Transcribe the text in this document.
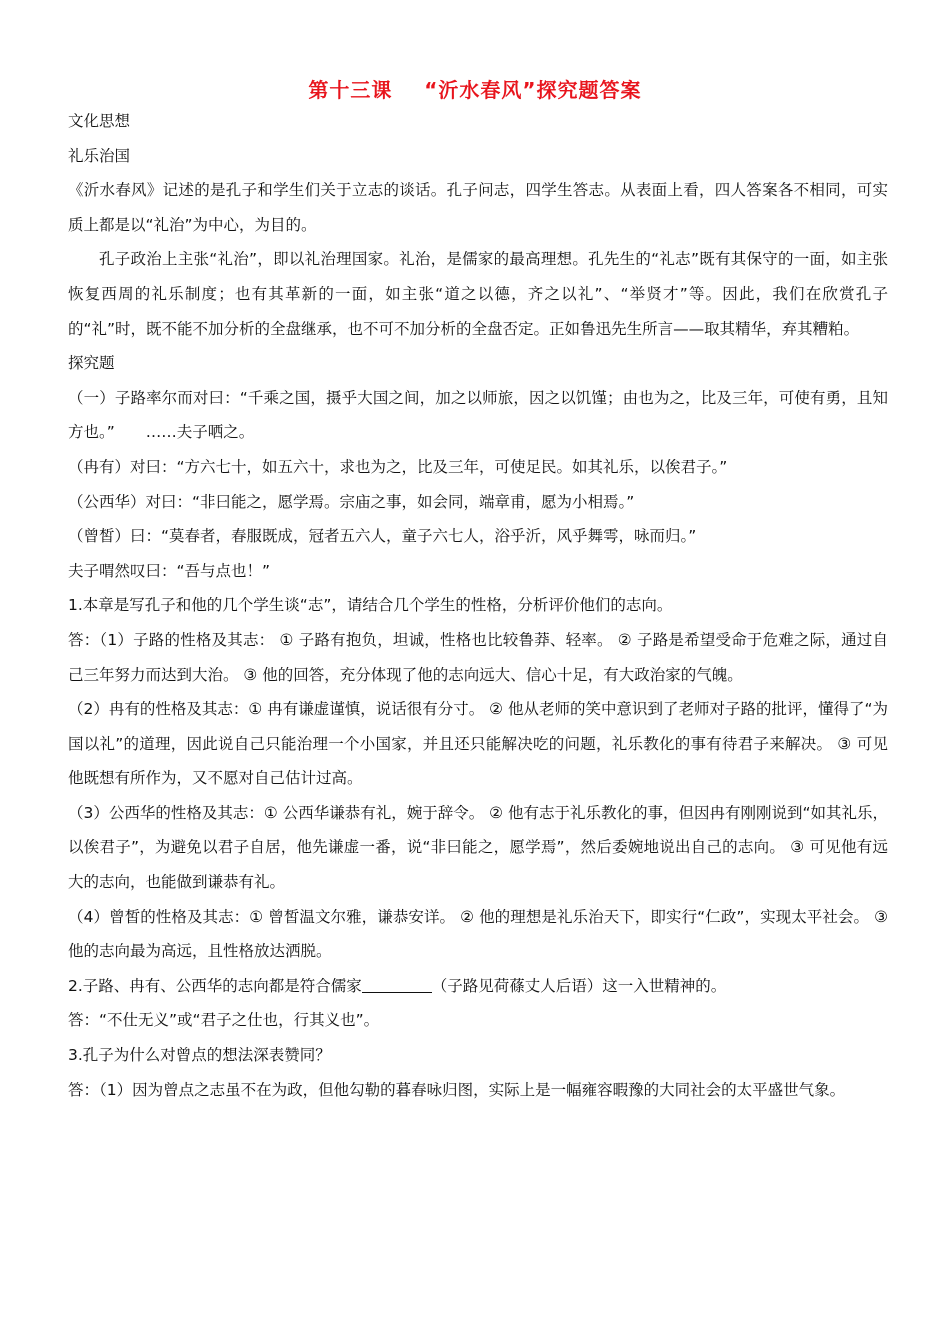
第十三课    “沂水春风”探究题答案

文化思想

礼乐治国

《沂水春风》记述的是孔子和学生们关于立志的谈话。孔子问志，四学生答志。从表面上看，四人答案各不相同，可实质上都是以“礼治”为中心，为目的。

孔子政治上主张“礼治”，即以礼治理国家。礼治，是儒家的最高理想。孔先生的“礼志”既有其保守的一面，如主张恢复西周的礼乐制度；也有其革新的一面，如主张“道之以德，齐之以礼”、“举贤才”等。因此，我们在欣赏孔子的“礼”时，既不能不加分析的全盘继承，也不可不加分析的全盘否定。正如鲁迅先生所言——取其精华，弃其糟粕。

探究题

（一）子路率尔而对曰：“千乘之国，摄乎大国之间，加之以师旅，因之以饥馑；由也为之，比及三年，可使有勇，且知方也。”　　……夫子哂之。

（冉有）对曰：“方六七十，如五六十，求也为之，比及三年，可使足民。如其礼乐，以俟君子。”

（公西华）对曰：“非曰能之，愿学焉。宗庙之事，如会同，端章甫，愿为小相焉。”

（曾皙）曰：“莫春者，春服既成，冠者五六人，童子六七人，浴乎沂，风乎舞雩，咏而归。”

夫子喟然叹曰：“吾与点也！”

1.本章是写孔子和他的几个学生谈“志”，请结合几个学生的性格，分析评价他们的志向。

答：（1）子路的性格及其志： ① 子路有抱负，坦诚，性格也比较鲁莽、轻率。 ② 子路是希望受命于危难之际，通过自己三年努力而达到大治。 ③ 他的回答，充分体现了他的志向远大、信心十足，有大政治家的气魄。

（2）冉有的性格及其志：① 冉有谦虚谨慎，说话很有分寸。 ② 他从老师的笑中意识到了老师对子路的批评，懂得了“为国以礼”的道理，因此说自己只能治理一个小国家，并且还只能解决吃的问题，礼乐教化的事有待君子来解决。 ③ 可见他既想有所作为，又不愿对自己估计过高。

（3）公西华的性格及其志：① 公西华谦恭有礼，婉于辞令。 ② 他有志于礼乐教化的事，但因冉有刚刚说到“如其礼乐，以俟君子”，为避免以君子自居，他先谦虚一番，说“非曰能之，愿学焉”，然后委婉地说出自己的志向。 ③ 可见他有远大的志向，也能做到谦恭有礼。

（4）曾皙的性格及其志：① 曾皙温文尔雅，谦恭安详。 ② 他的理想是礼乐治天下，即实行“仁政”，实现太平社会。 ③ 他的志向最为高远，且性格放达洒脱。

2.子路、冉有、公西华的志向都是符合儒家	（子路见荷蓧丈人后语）这一入世精神的。

答：“不仕无义”或“君子之仕也，行其义也”。

3.孔子为什么对曾点的想法深表赞同？

答：（1）因为曾点之志虽不在为政，但他勾勒的暮春咏归图，实际上是一幅雍容暇豫的大同社会的太平盛世气象。
